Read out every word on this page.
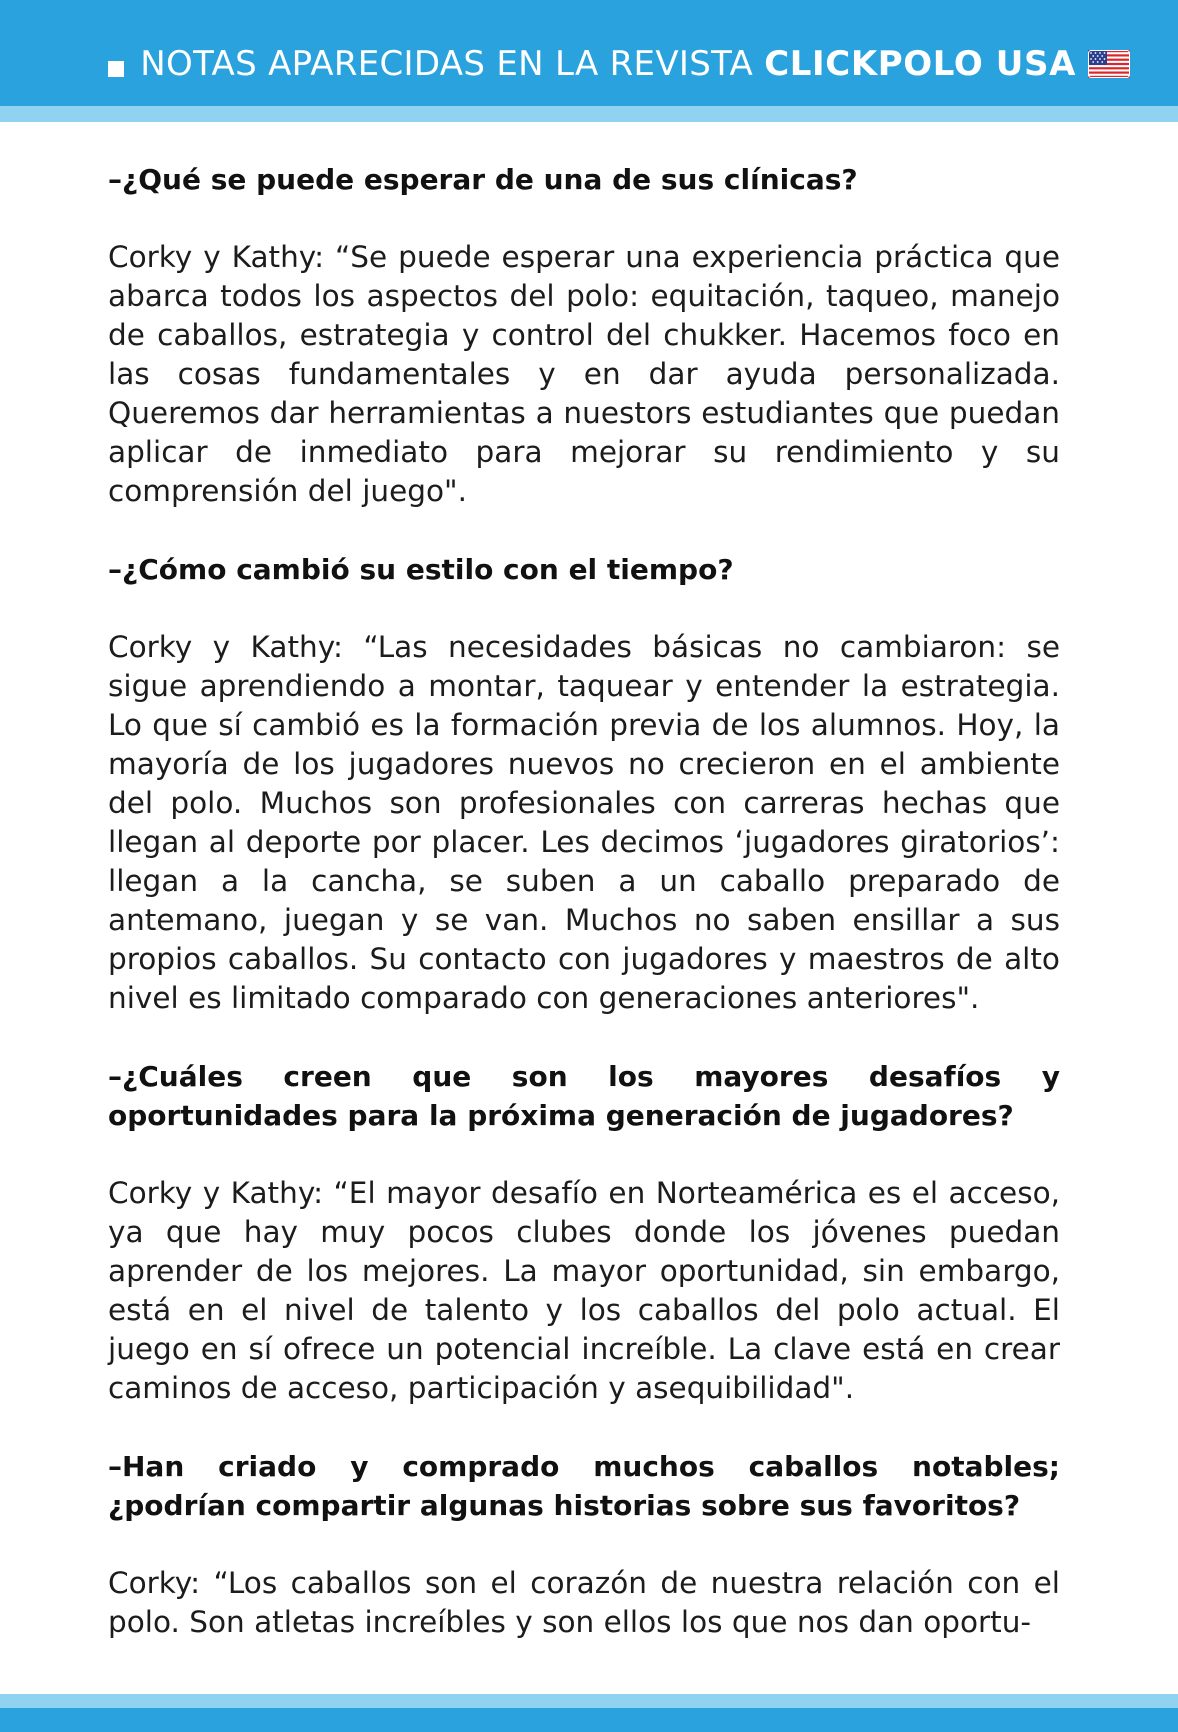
NOTAS APARECIDAS EN LA REVISTA CLICKPOLO USA

–¿Qué se puede esperar de una de sus clínicas?

Corky y Kathy: “Se puede esperar una experiencia práctica que abarca todos los aspectos del polo: equitación, taqueo, manejo de caballos, estrategia y control del chukker. Hacemos foco en las cosas fundamentales y en dar ayuda personalizada. Queremos dar herramientas a nuestors estudiantes que puedan aplicar de inmediato para mejorar su rendimiento y su comprensión del juego".

–¿Cómo cambió su estilo con el tiempo?

Corky y Kathy: “Las necesidades básicas no cambiaron: se sigue aprendiendo a montar, taquear y entender la estrategia. Lo que sí cambió es la formación previa de los alumnos. Hoy, la mayoría de los jugadores nuevos no crecieron en el ambiente del polo. Muchos son profesionales con carreras hechas que llegan al deporte por placer. Les decimos ‘jugadores giratorios’: llegan a la cancha, se suben a un caballo preparado de antemano, juegan y se van. Muchos no saben ensillar a sus propios caballos. Su contacto con jugadores y maestros de alto nivel es limitado comparado con generaciones anteriores".

–¿Cuáles creen que son los mayores desafíos y oportunidades para la próxima generación de jugadores?

Corky y Kathy: “El mayor desafío en Norteamérica es el acceso, ya que hay muy pocos clubes donde los jóvenes puedan aprender de los mejores. La mayor oportunidad, sin embargo, está en el nivel de talento y los caballos del polo actual. El juego en sí ofrece un potencial increíble. La clave está en crear caminos de acceso, participación y asequibilidad".

–Han criado y comprado muchos caballos notables; ¿podrían compartir algunas historias sobre sus favoritos?

Corky: “Los caballos son el corazón de nuestra relación con el polo. Son atletas increíbles y son ellos los que nos dan oportu-
